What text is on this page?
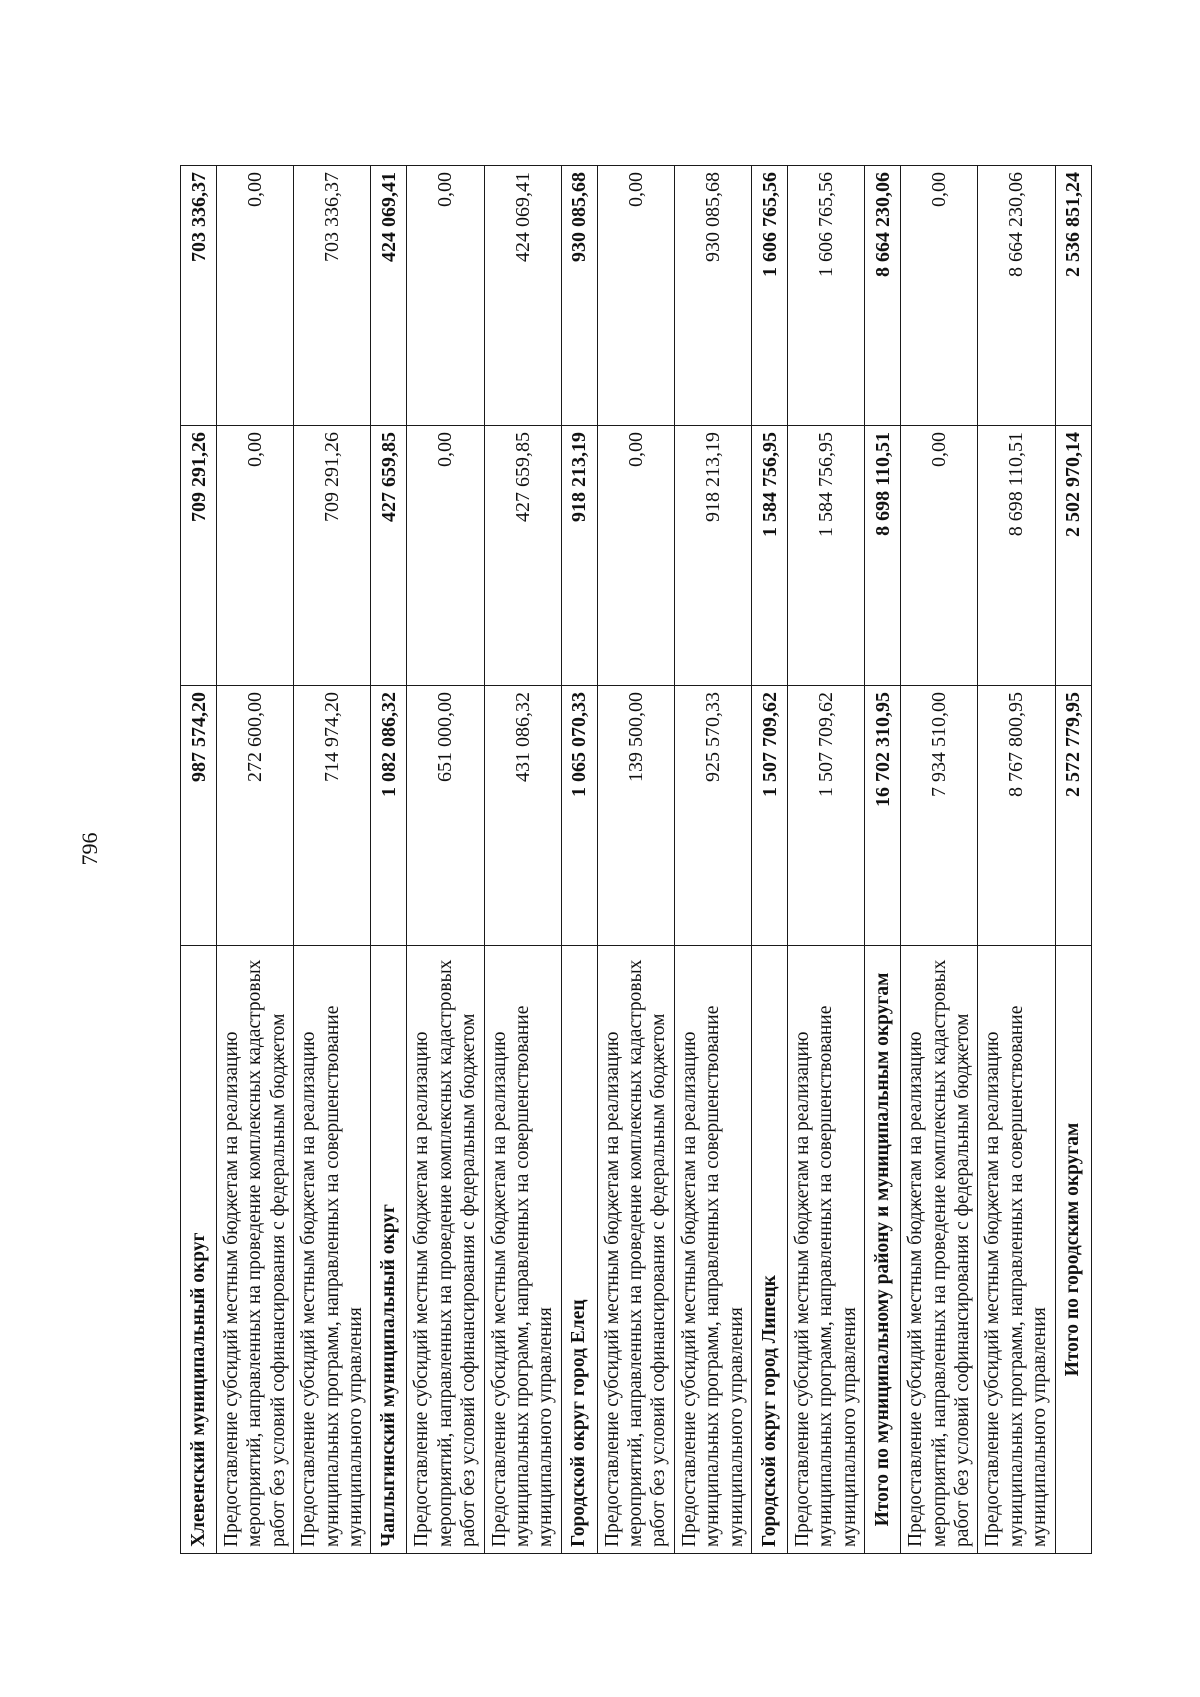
796
Хлевенский муниципальный округ	987 574,20	709 291,26	703 336,37
Предоставление субсидий местным бюджетам на реализацию мероприятий, направленных на проведение комплексных кадастровых работ без условий софинансирования с федеральным бюджетом	272 600,00	0,00	0,00
Предоставление субсидий местным бюджетам на реализацию муниципальных программ, направленных на совершенствование муниципального управления	714 974,20	709 291,26	703 336,37
Чаплыгинский муниципальный округ	1 082 086,32	427 659,85	424 069,41
Предоставление субсидий местным бюджетам на реализацию мероприятий, направленных на проведение комплексных кадастровых работ без условий софинансирования с федеральным бюджетом	651 000,00	0,00	0,00
Предоставление субсидий местным бюджетам на реализацию муниципальных программ, направленных на совершенствование муниципального управления	431 086,32	427 659,85	424 069,41
Городской округ город Елец	1 065 070,33	918 213,19	930 085,68
Предоставление субсидий местным бюджетам на реализацию мероприятий, направленных на проведение комплексных кадастровых работ без условий софинансирования с федеральным бюджетом	139 500,00	0,00	0,00
Предоставление субсидий местным бюджетам на реализацию муниципальных программ, направленных на совершенствование муниципального управления	925 570,33	918 213,19	930 085,68
Городской округ город Липецк	1 507 709,62	1 584 756,95	1 606 765,56
Предоставление субсидий местным бюджетам на реализацию муниципальных программ, направленных на совершенствование муниципального управления	1 507 709,62	1 584 756,95	1 606 765,56
Итого по муниципальному району и муниципальным округам	16 702 310,95	8 698 110,51	8 664 230,06
Предоставление субсидий местным бюджетам на реализацию мероприятий, направленных на проведение комплексных кадастровых работ без условий софинансирования с федеральным бюджетом	7 934 510,00	0,00	0,00
Предоставление субсидий местным бюджетам на реализацию муниципальных программ, направленных на совершенствование муниципального управления	8 767 800,95	8 698 110,51	8 664 230,06
Итого по городским округам	2 572 779,95	2 502 970,14	2 536 851,24
